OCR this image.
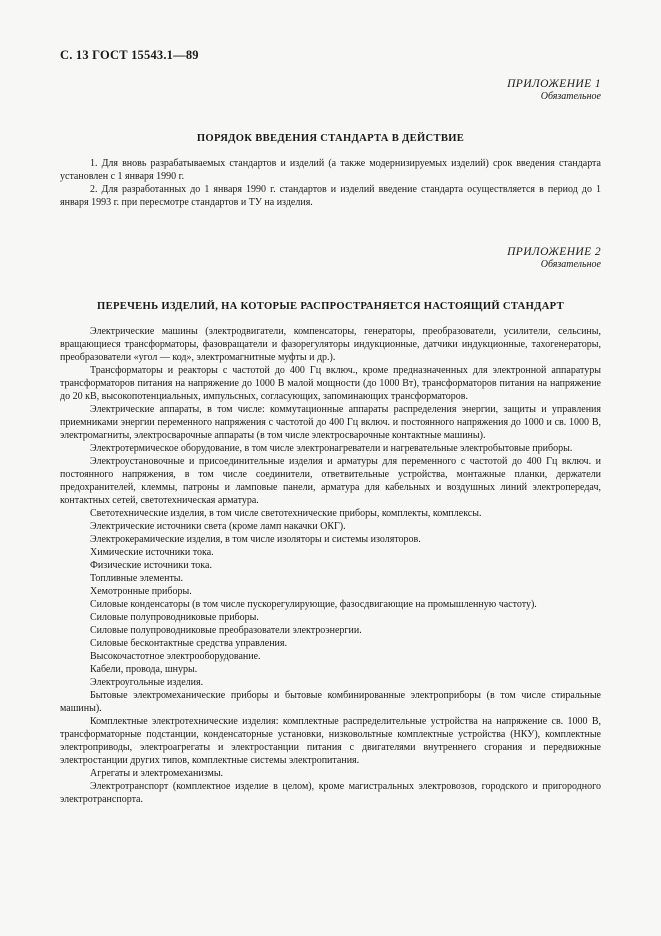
С. 13 ГОСТ 15543.1—89
ПРИЛОЖЕНИЕ 1
Обязательное
ПОРЯДОК ВВЕДЕНИЯ СТАНДАРТА В ДЕЙСТВИЕ

1. Для вновь разрабатываемых стандартов и изделий (а также модернизируемых изделий) срок введения стандарта установлен с 1 января 1990 г.

2. Для разработанных до 1 января 1990 г. стандартов и изделий введение стандарта осуществляется в период до 1 января 1993 г. при пересмотре стандартов и ТУ на изделия.

ПРИЛОЖЕНИЕ 2
Обязательное
ПЕРЕЧЕНЬ ИЗДЕЛИЙ, НА КОТОРЫЕ РАСПРОСТРАНЯЕТСЯ НАСТОЯЩИЙ СТАНДАРТ

Электрические машины (электродвигатели, компенсаторы, генераторы, преобразователи, усилители, сельсины, вращающиеся трансформаторы, фазовращатели и фазорегуляторы индукционные, датчики индукционные, тахогенераторы, преобразователи «угол — код», электромагнитные муфты и др.).

Трансформаторы и реакторы с частотой до 400 Гц включ., кроме предназначенных для электронной аппаратуры трансформаторов питания на напряжение до 1000 В малой мощности (до 1000 Вт), трансформаторов питания на напряжение до 20 кВ, высокопотенциальных, импульсных, согласующих, запоминающих трансформаторов.

Электрические аппараты, в том числе: коммутационные аппараты распределения энергии, защиты и управления приемниками энергии переменного напряжения с частотой до 400 Гц включ. и постоянного напряжения до 1000 и св. 1000 В, электромагниты, электросварочные аппараты (в том числе электросварочные контактные машины).

Электротермическое оборудование, в том числе электронагреватели и нагревательные электробытовые приборы.

Электроустановочные и присоединительные изделия и арматуры для переменного с частотой до 400 Гц включ. и постоянного напряжения, в том числе соединители, ответвительные устройства, монтажные планки, держатели предохранителей, клеммы, патроны и ламповые панели, арматура для кабельных и воздушных линий электропередач, контактных сетей, светотехническая арматура.

Светотехнические изделия, в том числе светотехнические приборы, комплекты, комплексы.

Электрические источники света (кроме ламп накачки ОКГ).

Электрокерамические изделия, в том числе изоляторы и системы изоляторов.

Химические источники тока.

Физические источники тока.

Топливные элементы.

Хемотронные приборы.

Силовые конденсаторы (в том числе пускорегулирующие, фазосдвигающие на промышленную частоту).

Силовые полупроводниковые приборы.

Силовые полупроводниковые преобразователи электроэнергии.

Силовые бесконтактные средства управления.

Высокочастотное электрооборудование.

Кабели, провода, шнуры.

Электроугольные изделия.

Бытовые электромеханические приборы и бытовые комбинированные электроприборы (в том числе стиральные машины).

Комплектные электротехнические изделия: комплектные распределительные устройства на напряжение св. 1000 В, трансформаторные подстанции, конденсаторные установки, низковольтные комплектные устройства (НКУ), комплектные электроприводы, электроагрегаты и электростанции питания с двигателями внутреннего сгорания и передвижные электростанции других типов, комплектные системы электропитания.

Агрегаты и электромеханизмы.

Электротранспорт (комплектное изделие в целом), кроме магистральных электровозов, городского и пригородного электротранспорта.
